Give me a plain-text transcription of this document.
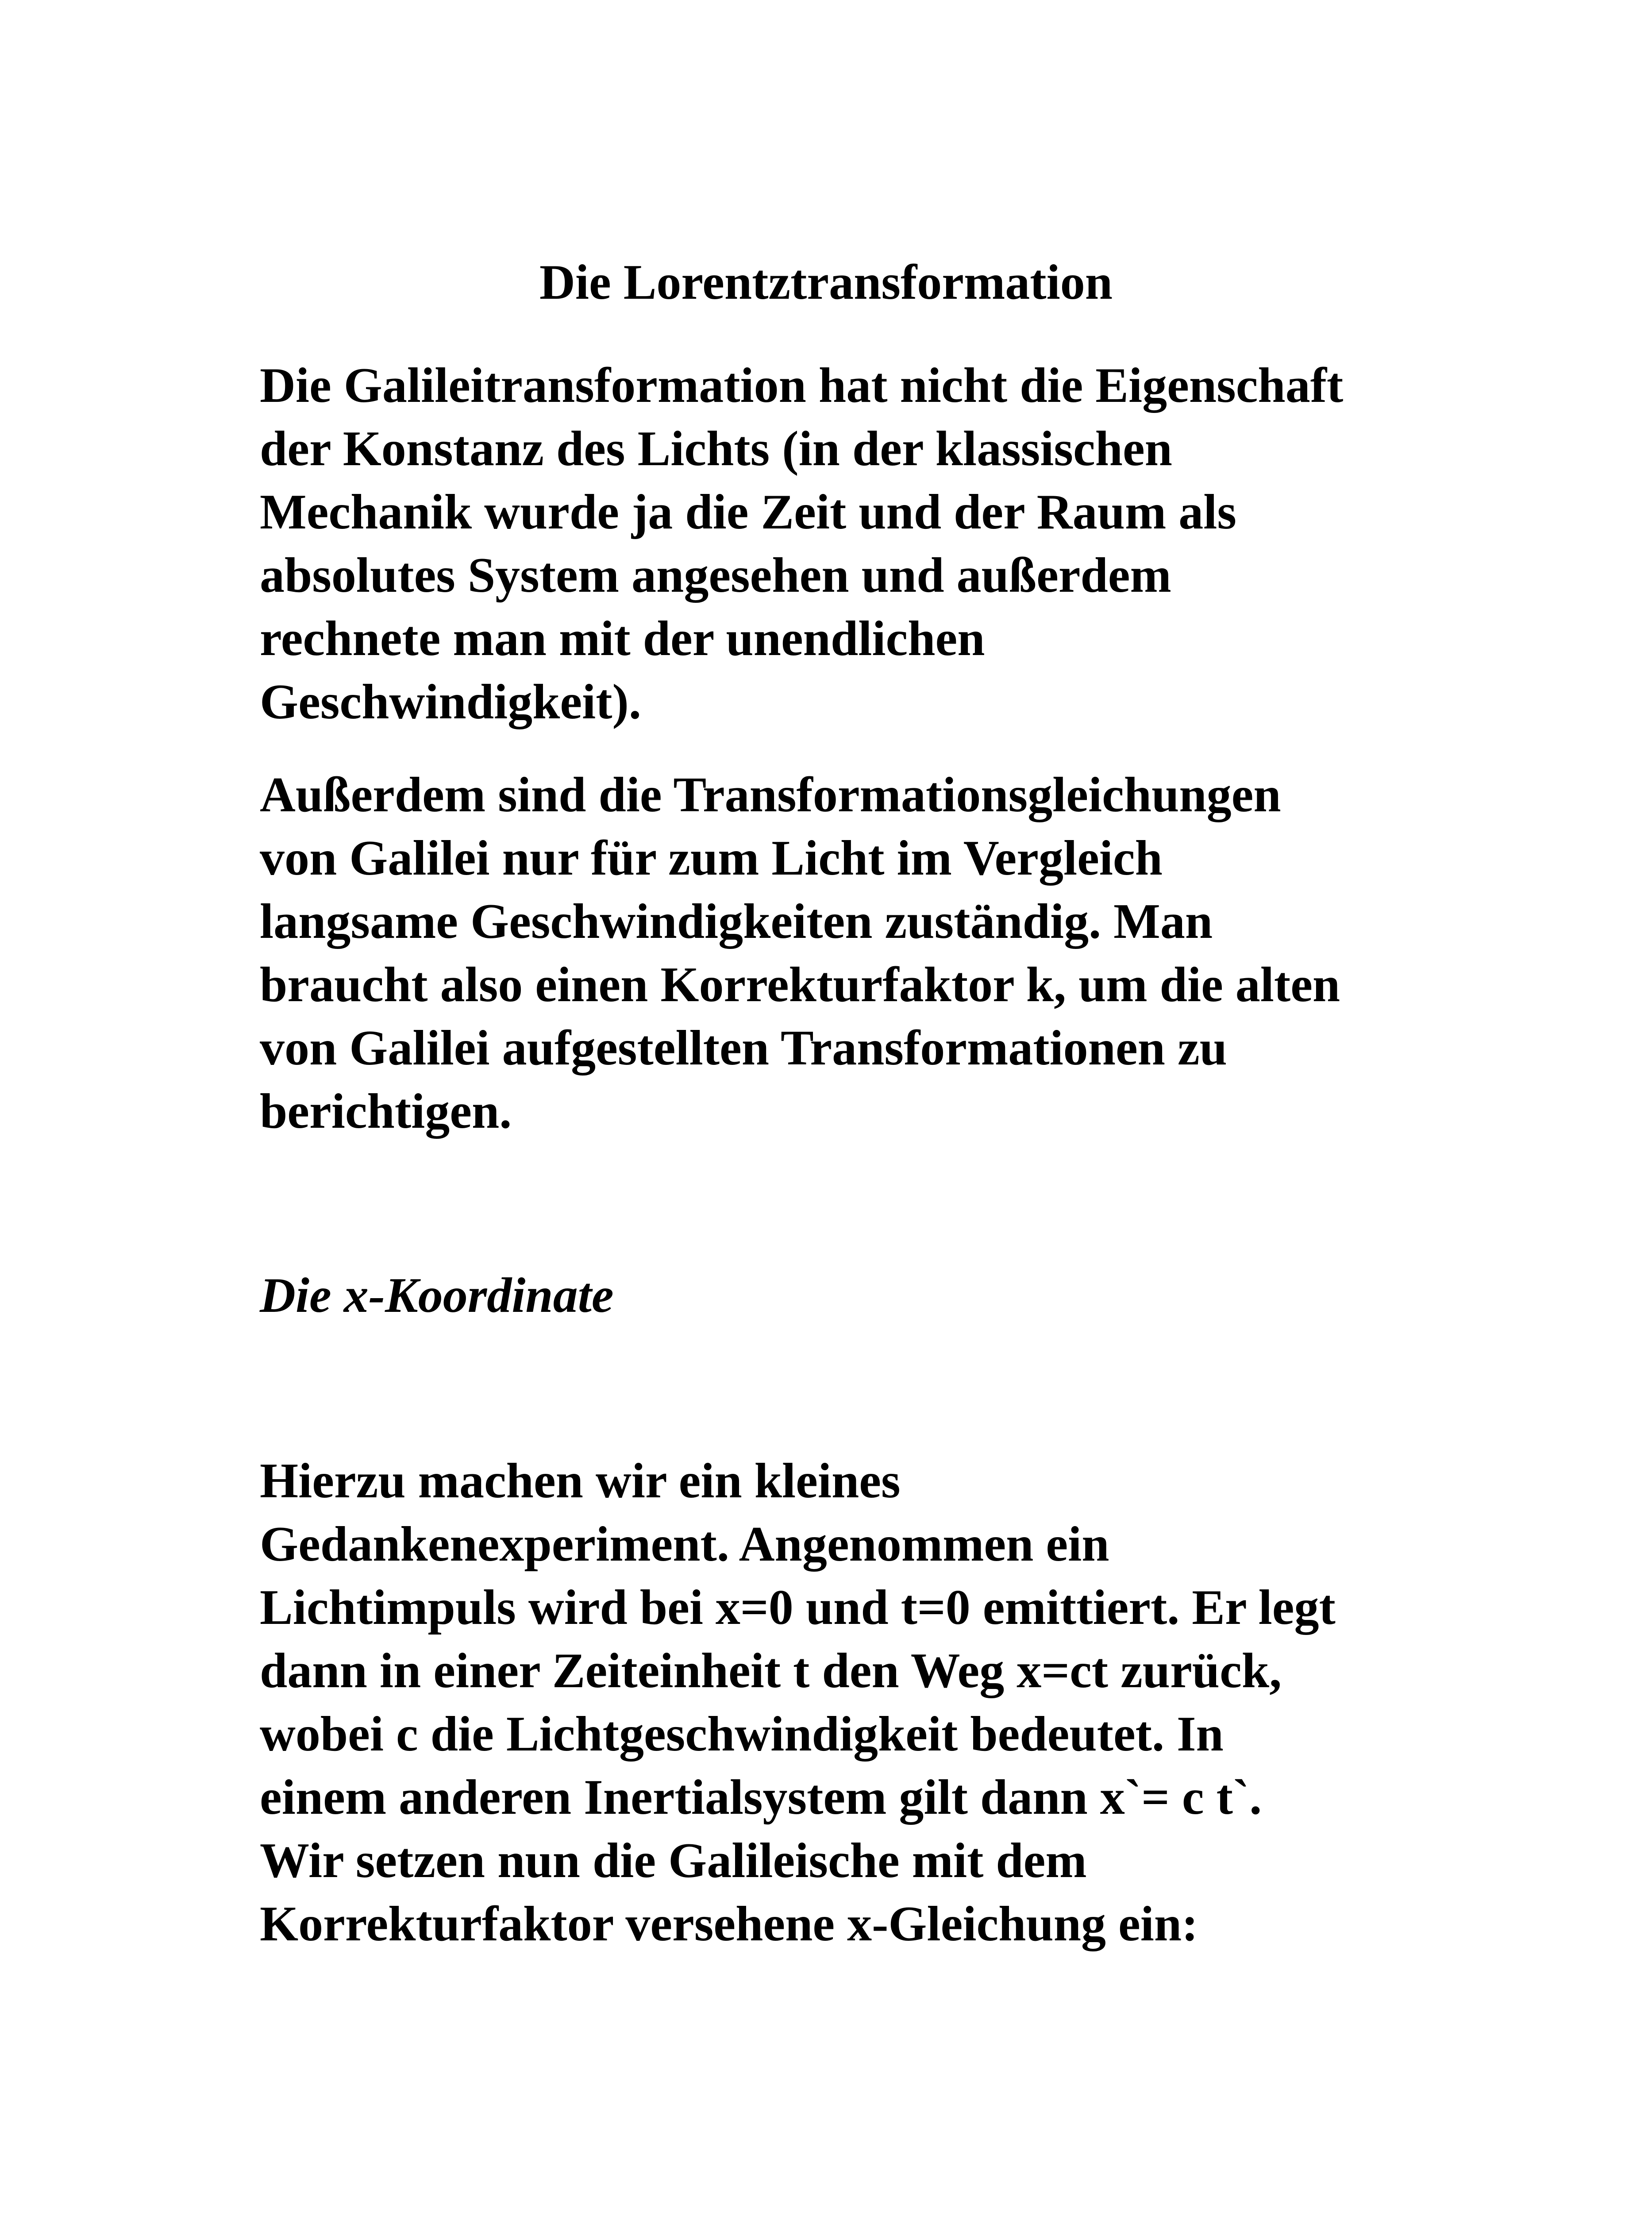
Die Lorentztransformation

Die Galileitransformation hat nicht die Eigenschaft
der Konstanz des Lichts (in der klassischen
Mechanik wurde ja die Zeit und der Raum als
absolutes System angesehen und außerdem
rechnete man mit der unendlichen
Geschwindigkeit).

Außerdem sind die Transformationsgleichungen
von Galilei nur für zum Licht im Vergleich
langsame Geschwindigkeiten zuständig. Man
braucht also einen Korrekturfaktor k, um die alten
von Galilei aufgestellten Transformationen zu
berichtigen.

Die x-Koordinate

Hierzu machen wir ein kleines
Gedankenexperiment. Angenommen ein
Lichtimpuls wird bei x=0 und t=0 emittiert. Er legt
dann in einer Zeiteinheit t den Weg x=ct zurück,
wobei c die Lichtgeschwindigkeit bedeutet. In
einem anderen Inertialsystem gilt dann x`= c t`.
Wir setzen nun die Galileische mit dem
Korrekturfaktor versehene x-Gleichung ein:
